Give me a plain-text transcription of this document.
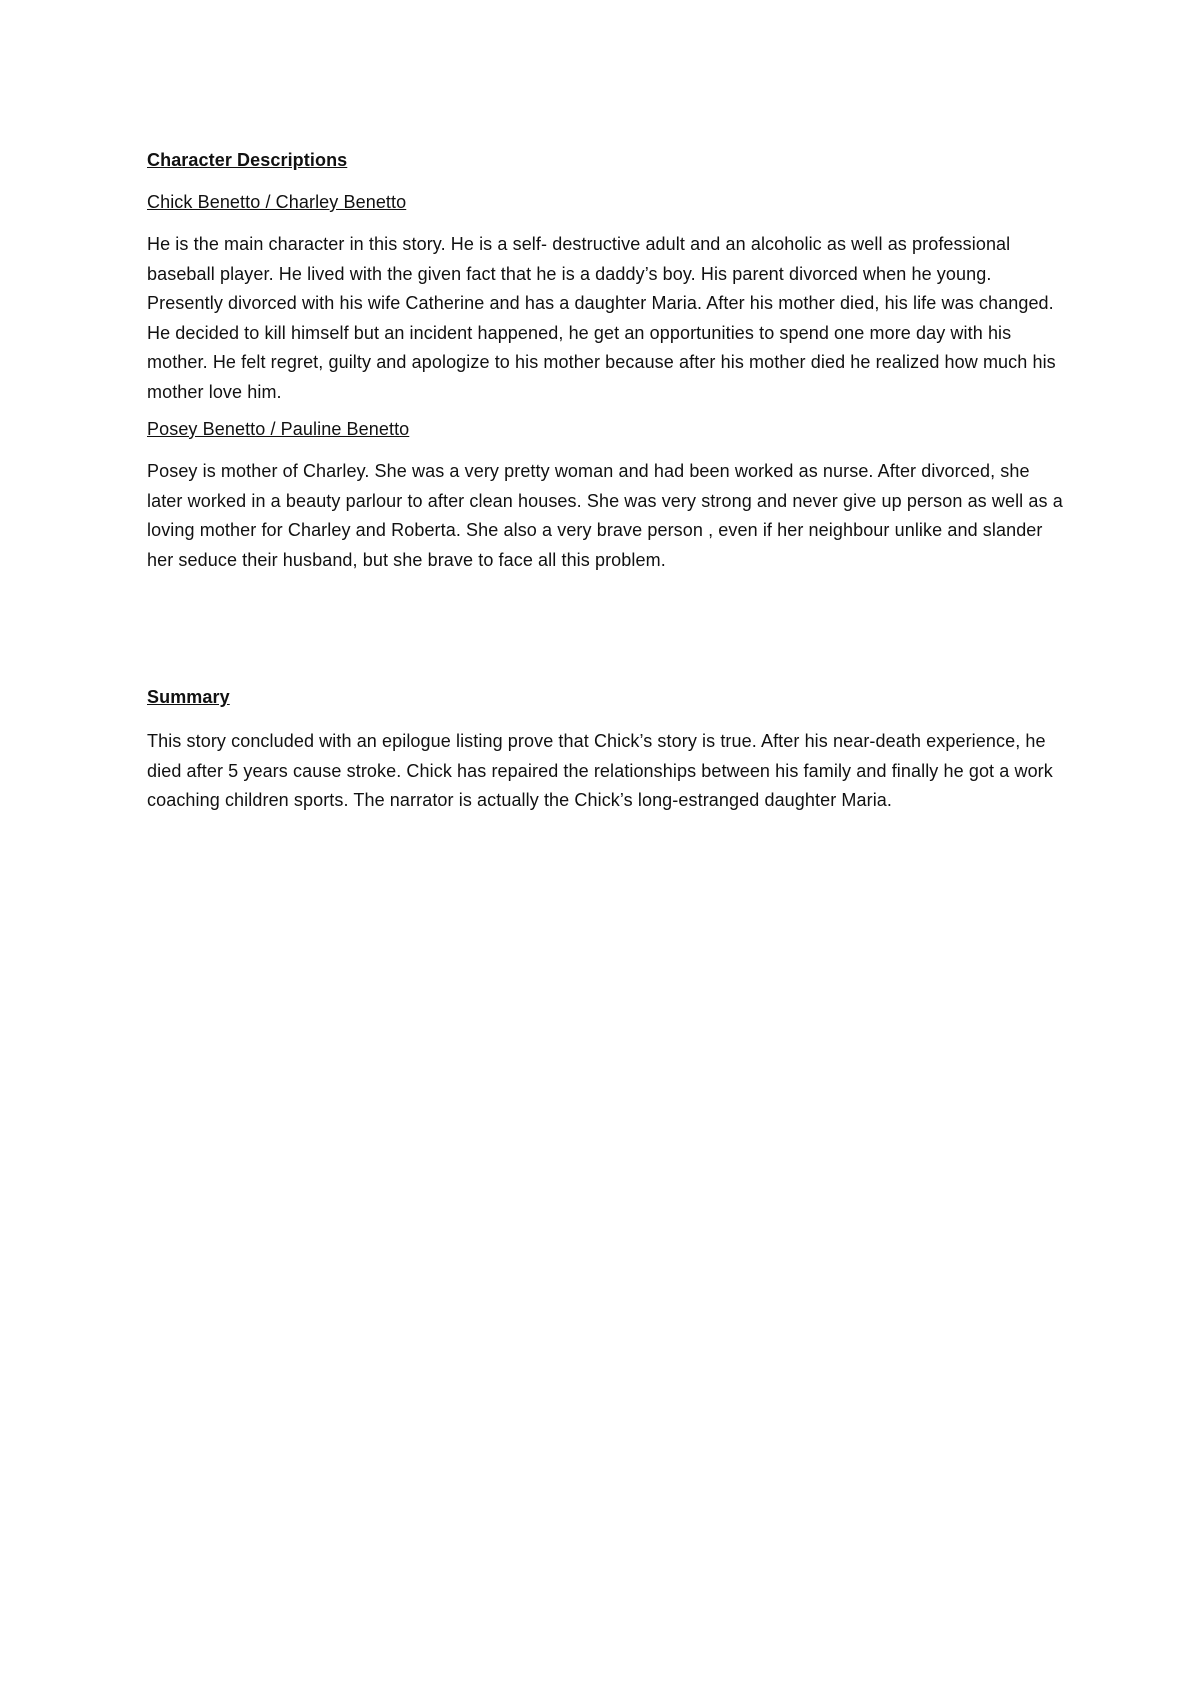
Character Descriptions
Chick Benetto / Charley Benetto

He is the main character in this story. He is a self- destructive adult and an alcoholic as well as professional baseball player. He lived with the given fact that he is a daddy’s boy. His parent divorced when he young. Presently divorced with his wife Catherine and has a daughter Maria. After his mother died, his life was changed. He decided to kill himself but an incident happened, he get an opportunities to spend one more day with his mother. He felt regret, guilty and apologize to his mother because after his mother died he realized how much his mother love him.

Posey Benetto / Pauline Benetto

Posey is mother of Charley. She was a very pretty woman and had been worked as nurse. After divorced, she later worked in a beauty parlour to after clean houses. She was very strong and never give up person as well as a loving mother for Charley and Roberta. She also a very brave person , even if her neighbour unlike and slander her seduce their husband, but she brave to face all this problem.

Summary

This story concluded with an epilogue listing prove that Chick’s story is true. After his near-death experience, he died after 5 years cause stroke. Chick has repaired the relationships between his family and finally he got a work coaching children sports. The narrator is actually the Chick’s long-estranged daughter Maria.
